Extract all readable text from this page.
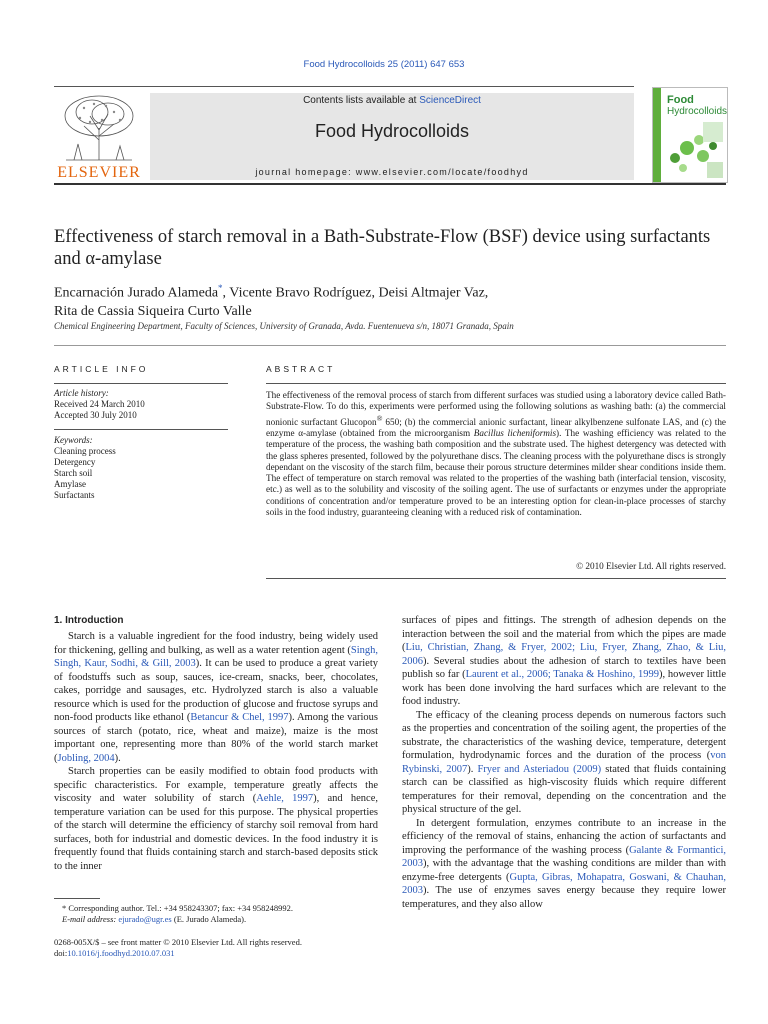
Food Hydrocolloids 25 (2011) 647 653
ELSEVIER
Contents lists available at ScienceDirect
Food Hydrocolloids
journal homepage: www.elsevier.com/locate/foodhyd
Food
Hydrocolloids
Effectiveness of starch removal in a Bath-Substrate-Flow (BSF) device using surfactants and α-amylase
Encarnación Jurado Alameda*, Vicente Bravo Rodríguez, Deisi Altmajer Vaz,
Rita de Cassia Siqueira Curto Valle
Chemical Engineering Department, Faculty of Sciences, University of Granada, Avda. Fuentenueva s/n, 18071 Granada, Spain
ARTICLE INFO
Article history:
Received 24 March 2010
Accepted 30 July 2010
Keywords:
Cleaning process
Detergency
Starch soil
Amylase
Surfactants
ABSTRACT
The effectiveness of the removal process of starch from different surfaces was studied using a laboratory device called Bath-Substrate-Flow. To do this, experiments were performed using the following solutions as washing bath: (a) the commercial nonionic surfactant Glucopon® 650; (b) the commercial anionic surfactant, linear alkylbenzene sulfonate LAS, and (c) the enzyme α-amylase (obtained from the microorganism Bacillus licheniformis). The washing efficiency was related to the temperature of the process, the washing bath composition and the substrate used. The highest detergency was detected with the glass spheres presented, followed by the polyurethane discs. The cleaning process with the polyurethane discs is strongly dependant on the viscosity of the starch film, because their porous structure determines milder shear conditions inside them. The effect of temperature on starch removal was related to the properties of the washing bath (interfacial tension, viscosity, etc.) as well as to the solubility and viscosity of the soiling agent. The use of surfactants or enzymes under the appropriate conditions of concentration and/or temperature proved to be an interesting option for clean-in-place processes of starchy soils in the food industry, guaranteeing cleaning with a reduced risk of contamination.
© 2010 Elsevier Ltd. All rights reserved.
1. Introduction

Starch is a valuable ingredient for the food industry, being widely used for thickening, gelling and bulking, as well as a water retention agent (Singh, Singh, Kaur, Sodhi, & Gill, 2003). It can be used to produce a great variety of foodstuffs such as soup, sauces, ice-cream, snacks, beer, chocolates, cakes, porridge and sausages, etc. Hydrolyzed starch is also a valuable resource which is used for the production of glucose and fructose syrups and non-food products like ethanol (Betancur & Chel, 1997). Among the various sources of starch (potato, rice, wheat and maize), maize is the most important one, representing more than 80% of the world starch market (Jobling, 2004).

Starch properties can be easily modified to obtain food products with specific characteristics. For example, temperature greatly affects the viscosity and water solubility of starch (Aehle, 1997), and hence, temperature variation can be used for this purpose. The physical properties of the starch will determine the efficiency of starchy soil removal from hard surfaces, both for industrial and domestic devices. In the food industry it is frequently found that fluids containing starch and starch-based deposits stick to the inner

surfaces of pipes and fittings. The strength of adhesion depends on the interaction between the soil and the material from which the pipes are made (Liu, Christian, Zhang, & Fryer, 2002; Liu, Fryer, Zhang, Zhao, & Liu, 2006). Several studies about the adhesion of starch to textiles have been publish so far (Laurent et al., 2006; Tanaka & Hoshino, 1999), however little work has been done involving the hard surfaces which are relevant to the food industry.

The efficacy of the cleaning process depends on numerous factors such as the properties and concentration of the soiling agent, the properties of the substrate, the characteristics of the washing device, temperature, detergent formulation, hydrodynamic forces and the duration of the process (von Rybinski, 2007). Fryer and Asteriadou (2009) stated that fluids containing starch can be classified as high-viscosity fluids which require different temperatures for their removal, depending on the concentration and the physical structure of the gel.

In detergent formulation, enzymes contribute to an increase in the efficiency of the removal of stains, enhancing the action of surfactants and improving the performance of the washing process (Galante & Formantici, 2003), with the advantage that the washing conditions are milder than with enzyme-free detergents (Gupta, Gibras, Mohapatra, Goswani, & Chauhan, 2003). The use of enzymes saves energy because they require lower temperatures, and they also allow

* Corresponding author. Tel.: +34 958243307; fax: +34 958248992.
E-mail address: ejurado@ugr.es (E. Jurado Alameda).
0268-005X/$ – see front matter © 2010 Elsevier Ltd. All rights reserved.
doi:10.1016/j.foodhyd.2010.07.031
